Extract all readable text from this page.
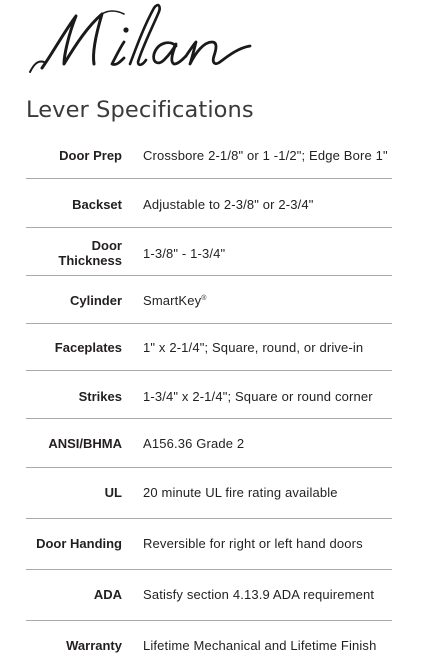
Lever Specifications
Door Prep Crossbore 2-1/8" or 1 -1/2"; Edge Bore 1"
Backset Adjustable to 2-3/8" or 2-3/4"
Door
Thickness 1-3/8" - 1-3/4"
Cylinder SmartKey®
Faceplates 1" x 2-1/4"; Square, round, or drive-in
Strikes 1-3/4" x 2-1/4"; Square or round corner
ANSI/BHMA A156.36 Grade 2
UL 20 minute UL fire rating available
Door Handing Reversible for right or left hand doors
ADA Satisfy section 4.13.9 ADA requirement
Warranty Lifetime Mechanical and Lifetime Finish
